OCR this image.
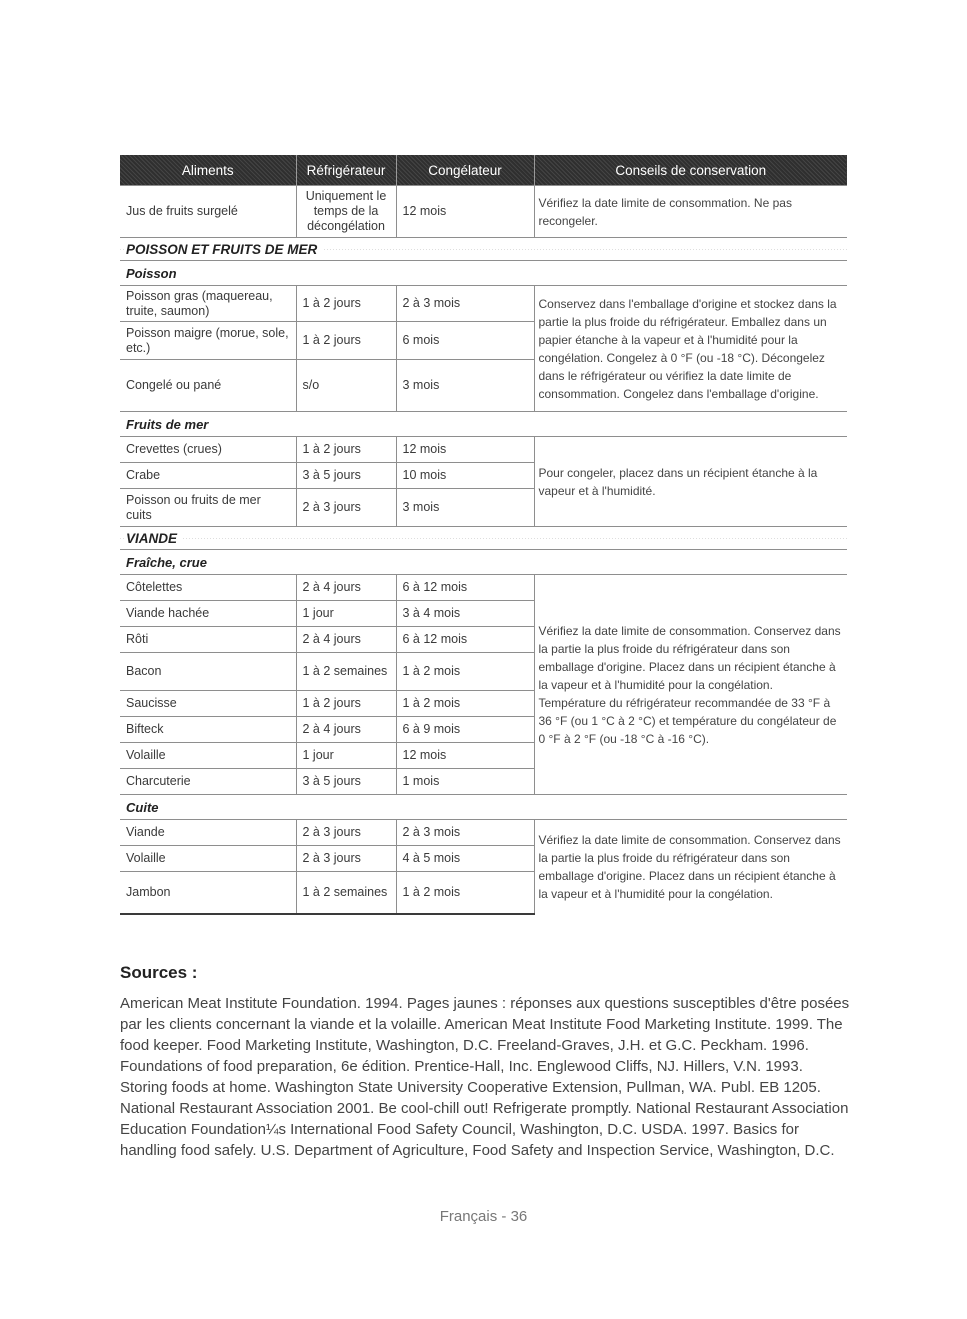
Aliments	Réfrigérateur	Congélateur	Conseils de conservation
Jus de fruits surgelé	Uniquement le temps de la décongélation	12 mois	Vérifiez la date limite de consommation. Ne pas recongeler.
POISSON ET FRUITS DE MER			
Poisson			
Poisson gras (maquereau, truite, saumon)	1 à 2 jours	2 à 3 mois	Conservez dans l'emballage d'origine et stockez dans la partie la plus froide du réfrigérateur. Emballez dans un papier étanche à la vapeur et à l'humidité pour la congélation. Congelez à 0 °F (ou -18 °C). Décongelez dans le réfrigérateur ou vérifiez la date limite de consommation. Congelez dans l'emballage d'origine.
Poisson maigre (morue, sole, etc.)	1 à 2 jours	6 mois	
Congelé ou pané	s/o	3 mois	
Fruits de mer			
Crevettes (crues)	1 à 2 jours	12 mois	Pour congeler, placez dans un récipient étanche à la vapeur et à l'humidité.
Crabe	3 à 5 jours	10 mois	
Poisson ou fruits de mer cuits	2 à 3 jours	3 mois	
VIANDE			
Fraîche, crue			
Côtelettes	2 à 4 jours	6 à 12 mois	Vérifiez la date limite de consommation. Conservez dans la partie la plus froide du réfrigérateur dans son emballage d'origine. Placez dans un récipient étanche à la vapeur et à l'humidité pour la congélation. Température du réfrigérateur recommandée de 33 °F à 36 °F (ou 1 °C à 2 °C) et température du congélateur de 0 °F à 2 °F (ou -18 °C à -16 °C).
Viande hachée	1 jour	3 à 4 mois	
Rôti	2 à 4 jours	6 à 12 mois	
Bacon	1 à 2 semaines	1 à 2 mois	
Saucisse	1 à 2 jours	1 à 2 mois	
Bifteck	2 à 4 jours	6 à 9 mois	
Volaille	1 jour	12 mois	
Charcuterie	3 à 5 jours	1 mois	
Cuite			
Viande	2 à 3 jours	2 à 3 mois	Vérifiez la date limite de consommation. Conservez dans la partie la plus froide du réfrigérateur dans son emballage d'origine. Placez dans un récipient étanche à la vapeur et à l'humidité pour la congélation.
Volaille	2 à 3 jours	4 à 5 mois	
Jambon	1 à 2 semaines	1 à 2 mois	
Sources :

American Meat Institute Foundation. 1994. Pages jaunes : réponses aux questions susceptibles d'être posées par les clients concernant la viande et la volaille. American Meat Institute Food Marketing Institute. 1999. The food keeper. Food Marketing Institute, Washington, D.C. Freeland-Graves, J.H. et G.C. Peckham. 1996. Foundations of food preparation, 6e édition. Prentice-Hall, Inc. Englewood Cliffs, NJ. Hillers, V.N. 1993. Storing foods at home. Washington State University Cooperative Extension, Pullman, WA. Publ. EB 1205. National Restaurant Association 2001. Be cool-chill out! Refrigerate promptly. National Restaurant Association Education Foundation¼s International Food Safety Council, Washington, D.C. USDA. 1997. Basics for handling food safely. U.S. Department of Agriculture, Food Safety and Inspection Service, Washington, D.C.

Français - 36
